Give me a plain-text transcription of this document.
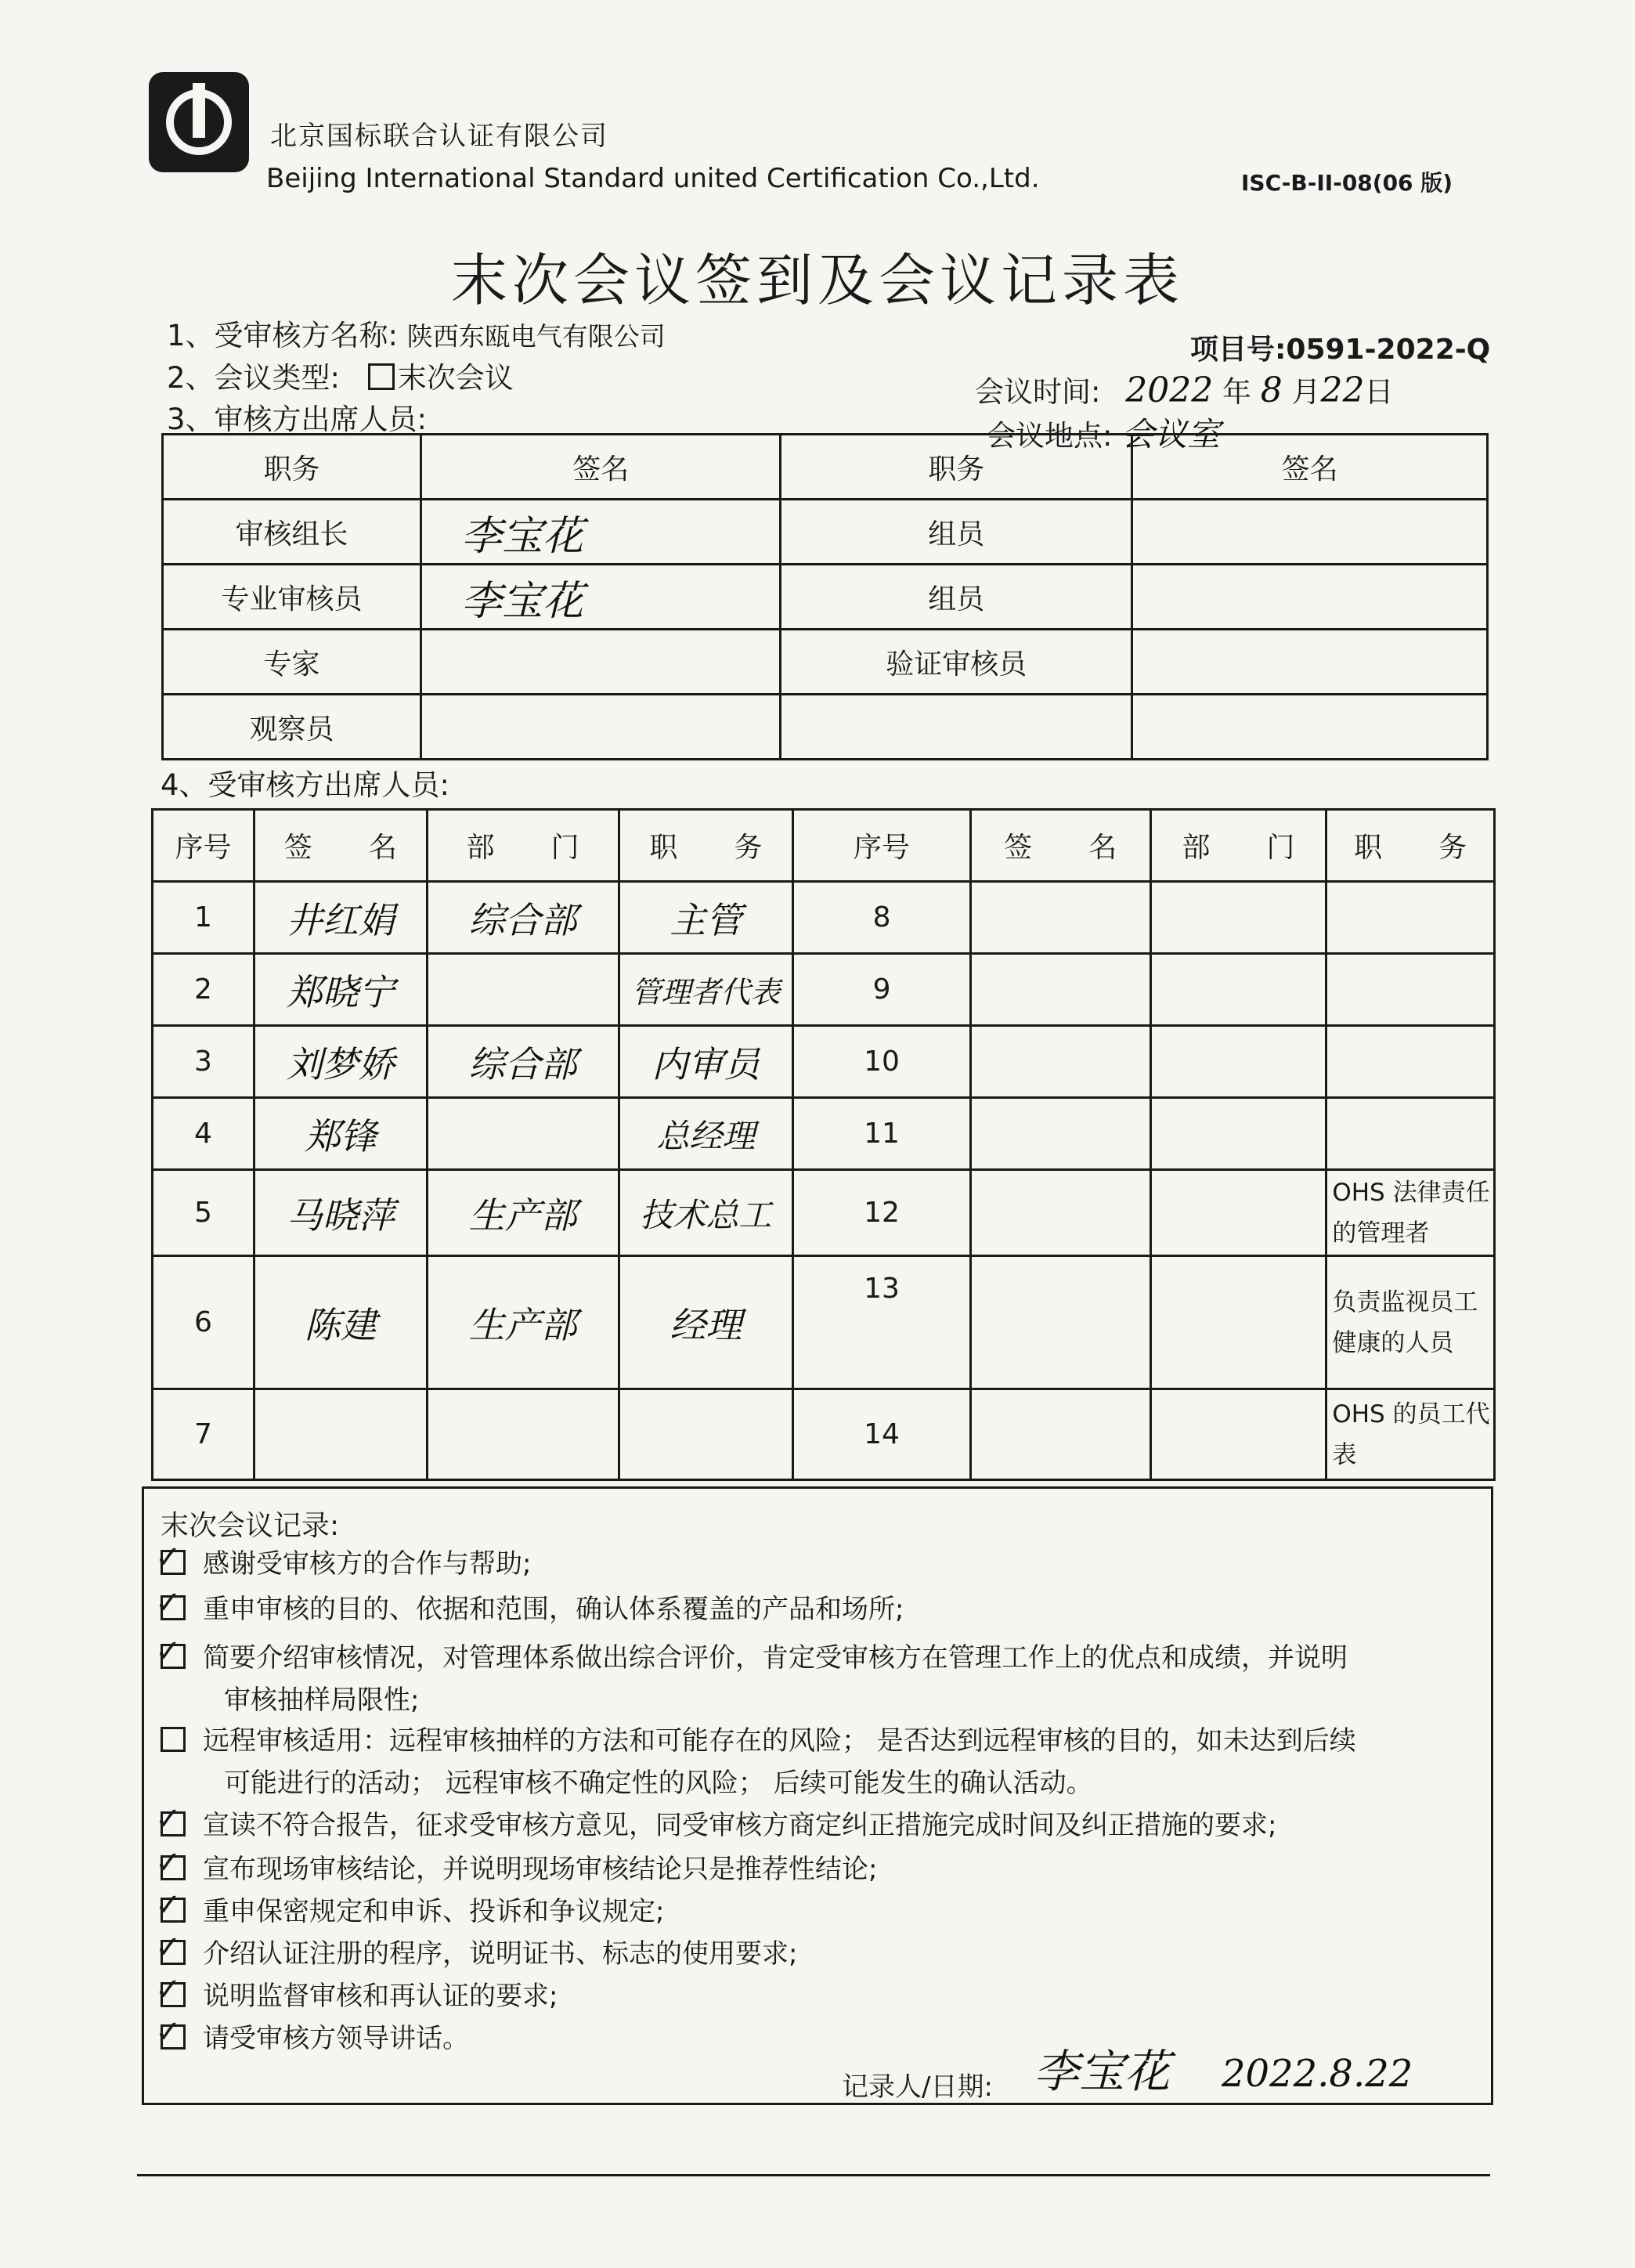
北京国标联合认证有限公司
Beijing International Standard united Certification Co.,Ltd.	ISC-B-II-08(06 版)
末次会议签到及会议记录表
1、受审核方名称: 陕西东瓯电气有限公司	项目号:0591-2022-Q
2、会议类型: 末次会议	会议时间: 2022 年 8 月22日
3、审核方出席人员:	会议地点: 会议室
职务	签名	职务	签名
审核组长	李宝花	组员	
专业审核员	李宝花	组员	
专家		验证审核员	
观察员			
4、受审核方出席人员:
序号	签　　名	部　　门	职　　务	序号	签　　名	部　　门	职　　务
1	井红娟	综合部	主管	8			
2	郑晓宁		管理者代表	9			
3	刘梦娇	综合部	内审员	10			
4	郑锋		总经理	11			
5	马晓萍	生产部	技术总工	12			OHS 法律责任的管理者
6	陈建	生产部	经理	13			负责监视员工健康的人员
7				14			OHS 的员工代表
末次会议记录:
✓感谢受审核方的合作与帮助;
✓重申审核的目的、依据和范围，确认体系覆盖的产品和场所;
✓简要介绍审核情况，对管理体系做出综合评价，肯定受审核方在管理工作上的优点和成绩，并说明
审核抽样局限性;
远程审核适用：远程审核抽样的方法和可能存在的风险； 是否达到远程审核的目的，如未达到后续
可能进行的活动； 远程审核不确定性的风险； 后续可能发生的确认活动。
✓宣读不符合报告，征求受审核方意见，同受审核方商定纠正措施完成时间及纠正措施的要求;
✓宣布现场审核结论，并说明现场审核结论只是推荐性结论;
✓重申保密规定和申诉、投诉和争议规定;
✓介绍认证注册的程序，说明证书、标志的使用要求;
✓说明监督审核和再认证的要求;
✓请受审核方领导讲话。
记录人/日期: 李宝花 2022.8.22
